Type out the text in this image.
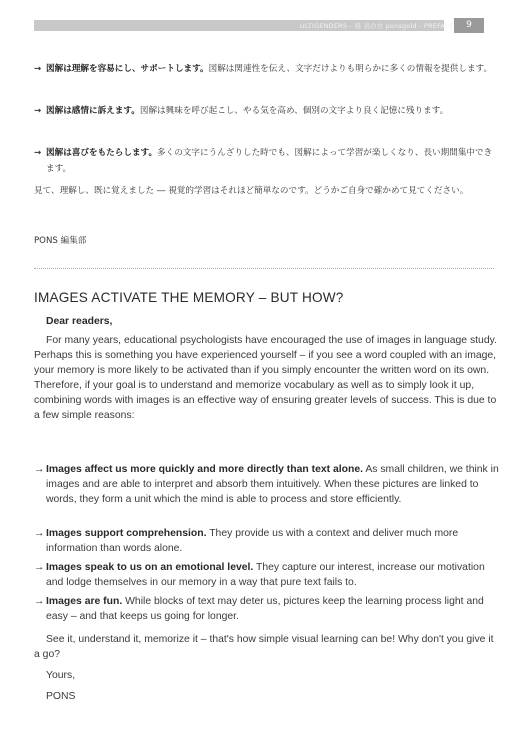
ULTIGENDERS - 発 表の方 ponsgold - PREFACE	9
→ 図解は理解を容易にし、サポートします。図解は関連性を伝え、文字だけよりも明らかに多くの情報を提供します。
→ 図解は感情に訴えます。図解は興味を呼び起こし、やる気を高め、個別の文字より良く記憶に残ります。
→ 図解は喜びをもたらします。多くの文字にうんざりした時でも、図解によって学習が楽しくなり、長い期間集中できます。
見て、理解し、既に覚えました ― 視覚的学習はそれほど簡単なのです。どうかご自身で確かめて見てください。
PONS 編集部
IMAGES ACTIVATE THE MEMORY – BUT HOW?
Dear readers,
For many years, educational psychologists have encouraged the use of images in language study. Perhaps this is something you have experienced yourself – if you see a word coupled with an image, your memory is more likely to be activated than if you simply encounter the written word on its own. Therefore, if your goal is to understand and memorize vocabulary as well as to simply look it up, combining words with images is an effective way of ensuring greater levels of success. This is due to a few simple reasons:
→ Images affect us more quickly and more directly than text alone. As small children, we think in images and are able to interpret and absorb them intuitively. When these pictures are linked to words, they form a unit which the mind is able to process and store efficiently.
→ Images support comprehension. They provide us with a context and deliver much more information than words alone.
→ Images speak to us on an emotional level. They capture our interest, increase our motivation and lodge themselves in our memory in a way that pure text fails to.
→ Images are fun. While blocks of text may deter us, pictures keep the learning process light and easy – and that keeps us going for longer.
See it, understand it, memorize it – that's how simple visual learning can be! Why don't you give it a go?
Yours,
PONS
